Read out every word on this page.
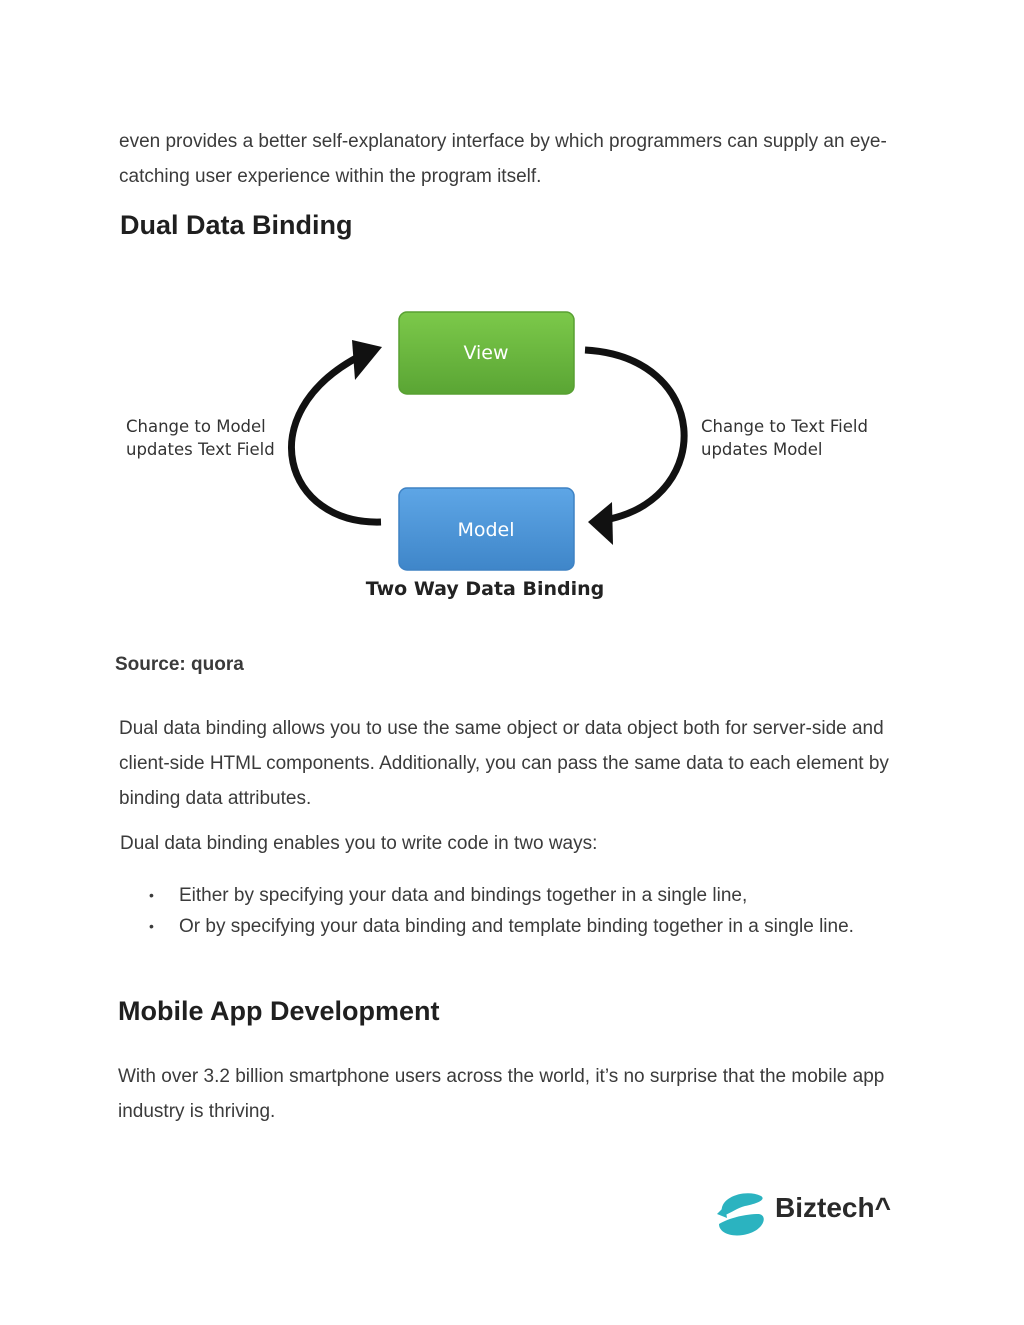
even provides a better self-explanatory interface by which programmers can supply an eye-catching user experience within the program itself.

Dual Data Binding
View
Model
Change to Model
updates Text Field
Change to Text Field
updates Model
Two Way Data Binding
Source: quora

Dual data binding allows you to use the same object or data object both for server-side and client-side HTML components. Additionally, you can pass the same data to each element by binding data attributes.

Dual data binding enables you to write code in two ways:

• Either by specifying your data and bindings together in a single line,
• Or by specifying your data binding and template binding together in a single line.
Mobile App Development

With over 3.2 billion smartphone users across the world, it’s no surprise that the mobile app industry is thriving.

Biztech^
